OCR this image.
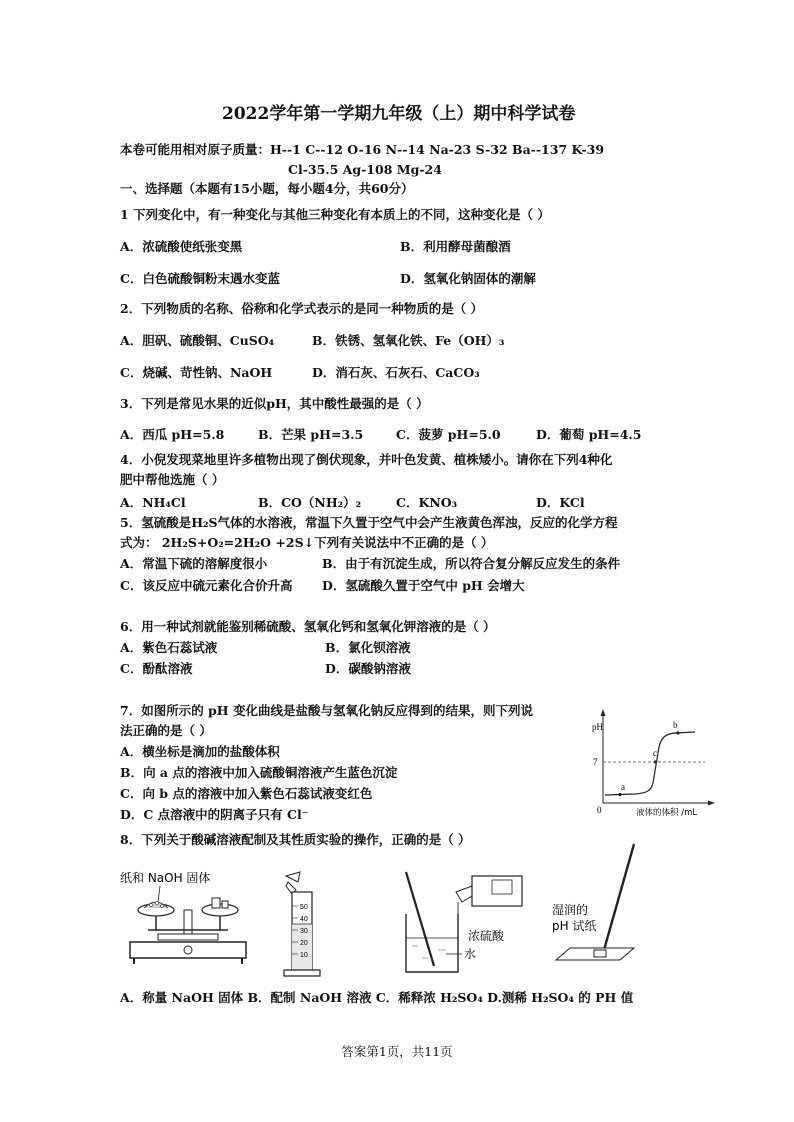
2022学年第一学期九年级（上）期中科学试卷
本卷可能用相对原子质量：H--1 C--12 O-16 N--14 Na-23 S-32 Ba--137 K-39
Cl-35.5 Ag-108 Mg-24
一、选择题（本题有15小题，每小题4分，共60分）
1 下列变化中，有一种变化与其他三种变化有本质上的不同，这种变化是（ ）
A．浓硫酸使纸张变黑	B．利用酵母菌酿酒
C．白色硫酸铜粉末遇水变蓝	D．氢氧化钠固体的潮解
2．下列物质的名称、俗称和化学式表示的是同一种物质的是（ ）
A．胆矾、硫酸铜、CuSO₄	B．铁锈、氢氧化铁、Fe（OH）₃
C．烧碱、苛性钠、NaOH	D．消石灰、石灰石、CaCO₃
3．下列是常见水果的近似pH，其中酸性最强的是（ ）
A．西瓜 pH=5.8	B．芒果 pH=3.5	C．菠萝 pH=5.0	D．葡萄 pH=4.5
4．小倪发现菜地里许多植物出现了倒伏现象，并叶色发黄、植株矮小。请你在下列4种化
肥中帮他选施（ ）
A．NH₄Cl	B．CO（NH₂）₂	C．KNO₃	D．KCl
5．氢硫酸是H₂S气体的水溶液，常温下久置于空气中会产生液黄色浑浊，反应的化学方程
式为： 2H₂S+O₂=2H₂O +2S↓下列有关说法中不正确的是（ ）
A．常温下硫的溶解度很小	B．由于有沉淀生成，所以符合复分解反应发生的条件
C．该反应中硫元素化合价升高 D．氢硫酸久置于空气中 pH 会增大
6．用一种试剂就能鉴别稀硫酸、氢氧化钙和氢氧化钾溶液的是（ ）
A．紫色石蕊试液	B．氯化钡溶液
C．酚酞溶液	D．碳酸钠溶液
7．如图所示的 pH 变化曲线是盐酸与氢氧化钠反应得到的结果，则下列说
法正确的是（ ）
A．横坐标是滴加的盐酸体积
B．向 a 点的溶液中加入硫酸铜溶液产生蓝色沉淀
C．向 b 点的溶液中加入紫色石蕊试液变红色
D．C 点溶液中的阴离子只有 Cl⁻
pH
7
0	液体的体积 /mL
a
c
b
8．下列关于酸碱溶液配制及其性质实验的操作，正确的是（ ）
纸和 NaOH 固体
50
40
30
20
10
浓硫酸
水
湿润的
pH 试纸
A．称量 NaOH 固体 B．配制 NaOH 溶液 C．稀释浓 H₂SO₄ D.测稀 H₂SO₄ 的 PH 值
答案第1页，共11页
